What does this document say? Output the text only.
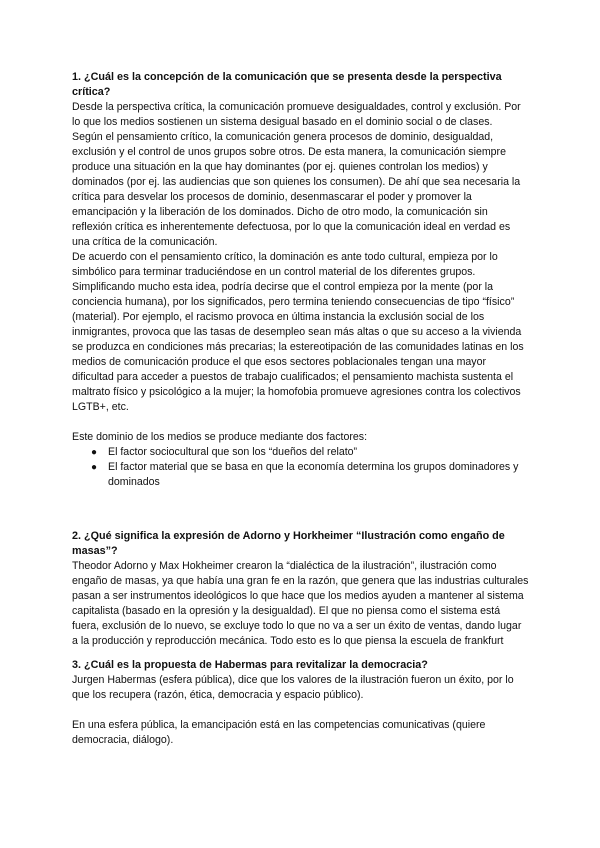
1. ¿Cuál es la concepción de la comunicación que se presenta desde la perspectiva crítica?

Desde la perspectiva crítica, la comunicación promueve desigualdades, control y exclusión. Por lo que los medios sostienen un sistema desigual basado en el dominio social o de clases.

Según el pensamiento crítico, la comunicación genera procesos de dominio, desigualdad, exclusión y el control de unos grupos sobre otros. De esta manera, la comunicación siempre produce una situación en la que hay dominantes (por ej. quienes controlan los medios) y dominados (por ej. las audiencias que son quienes los consumen). De ahí que sea necesaria la crítica para desvelar los procesos de dominio, desenmascarar el poder y promover la emancipación y la liberación de los dominados. Dicho de otro modo, la comunicación sin reflexión crítica es inherentemente defectuosa, por lo que la comunicación ideal en verdad es una crítica de la comunicación.

De acuerdo con el pensamiento crítico, la dominación es ante todo cultural, empieza por lo simbólico para terminar traduciéndose en un control material de los diferentes grupos. Simplificando mucho esta idea, podría decirse que el control empieza por la mente (por la conciencia humana), por los significados, pero termina teniendo consecuencias de tipo “físico” (material). Por ejemplo, el racismo provoca en última instancia la exclusión social de los inmigrantes, provoca que las tasas de desempleo sean más altas o que su acceso a la vivienda se produzca en condiciones más precarias; la estereotipación de las comunidades latinas en los medios de comunicación produce el que esos sectores poblacionales tengan una mayor dificultad para acceder a puestos de trabajo cualificados; el pensamiento machista sustenta el maltrato físico y psicológico a la mujer; la homofobia promueve agresiones contra los colectivos LGTB+, etc.

Este dominio de los medios se produce mediante dos factores:

● El factor sociocultural que son los “dueños del relato”
● El factor material que se basa en que la economía determina los grupos dominadores y dominados

2. ¿Qué significa la expresión de Adorno y Horkheimer “Ilustración como engaño de masas”?

Theodor Adorno y Max Hokheimer crearon la “dialéctica de la ilustración”, ilustración como engaño de masas, ya que había una gran fe en la razón, que genera que las industrias culturales pasan a ser instrumentos ideológicos lo que hace que los medios ayuden a mantener al sistema capitalista (basado en la opresión y la desigualdad). El que no piensa como el sistema está fuera, exclusión de lo nuevo, se excluye todo lo que no va a ser un éxito de ventas, dando lugar a la producción y reproducción mecánica. Todo esto es lo que piensa la escuela de frankfurt

3. ¿Cuál es la propuesta de Habermas para revitalizar la democracia?

Jurgen Habermas (esfera pública), dice que los valores de la ilustración fueron un éxito, por lo que los recupera (razón, ética, democracia y espacio público).

En una esfera pública, la emancipación está en las competencias comunicativas (quiere democracia, diálogo).
